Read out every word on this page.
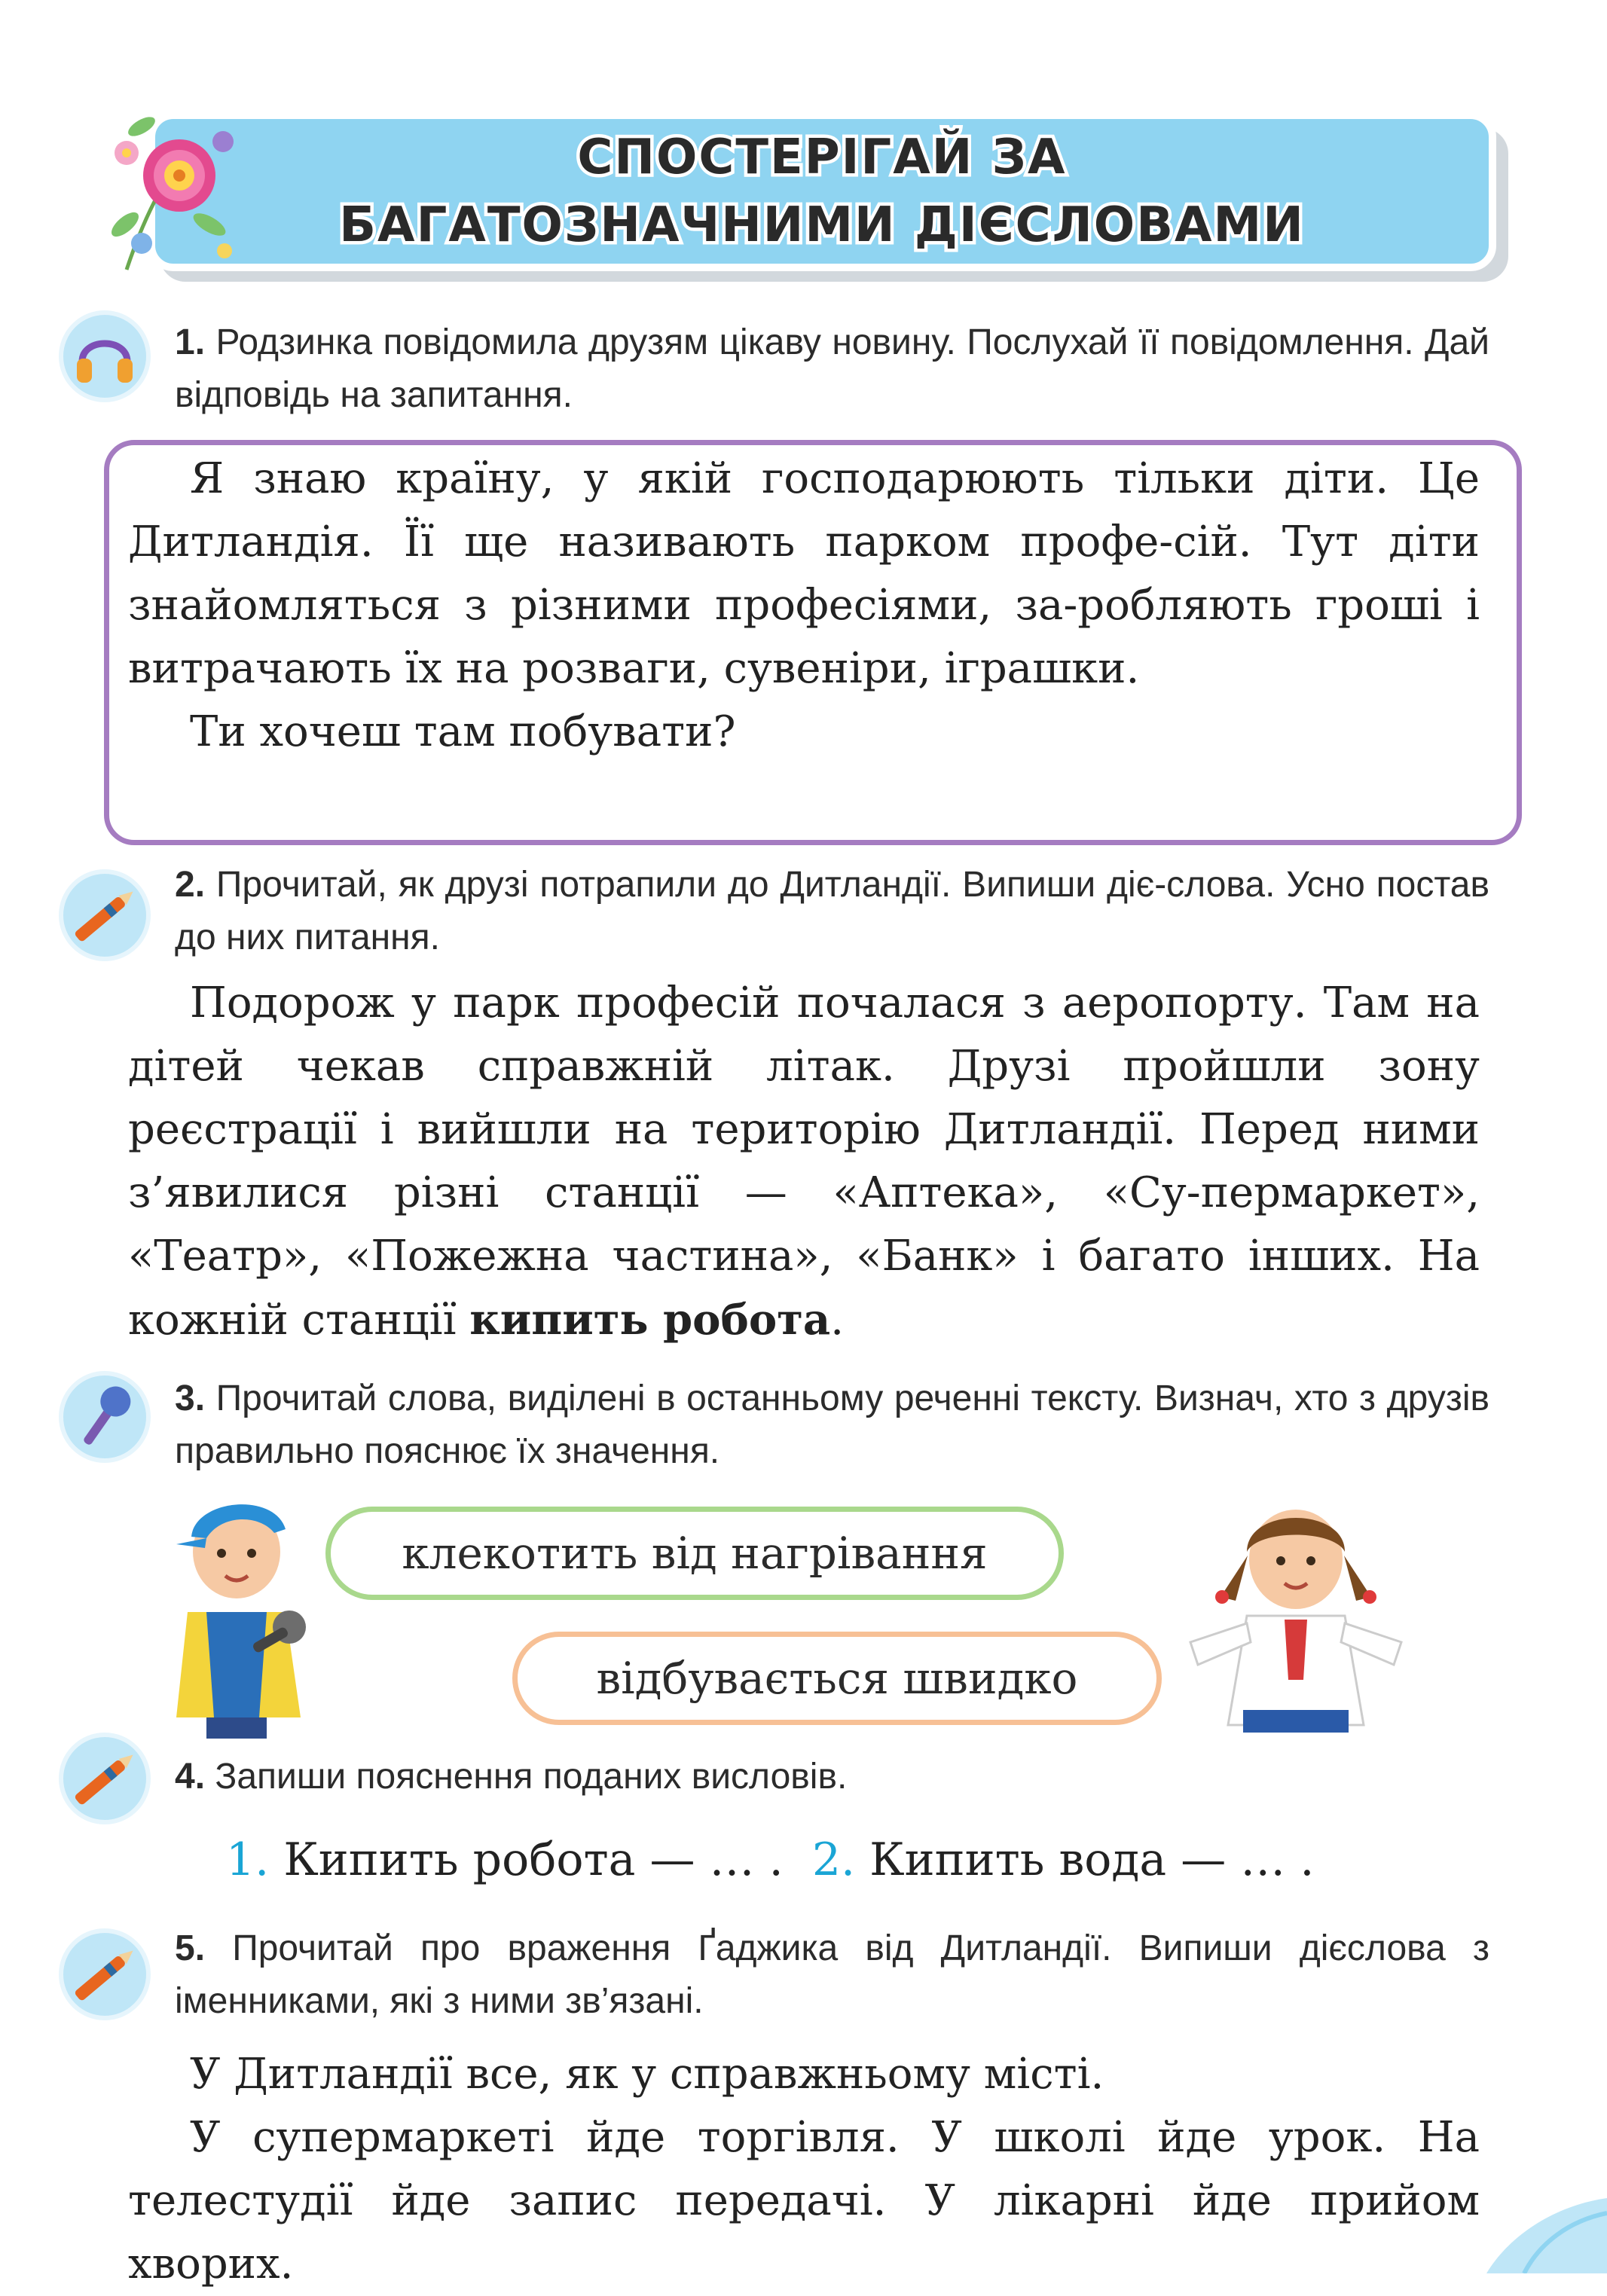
СПОСТЕРІГАЙ ЗА
БАГАТОЗНАЧНИМИ ДІЄСЛОВАМИ
1. Родзинка повідомила друзям цікаву новину. Послухай її повідомлення. Дай відповідь на запитання.

Я знаю країну, у якій господарюють тільки діти. Це Дитландія. Її ще називають парком профе-сій. Тут діти знайомляться з різними професіями, за-робляють гроші і витрачають їх на розваги, сувеніри, іграшки.

Ти хочеш там побувати?

2. Прочитай, як друзі потрапили до Дитландії. Випиши діє-слова. Усно постав до них питання.
Подорож у парк професій почалася з аеропорту. Там на дітей чекав справжній літак. Друзі пройшли зону реєстрації і вийшли на територію Дитландії. Перед ними з’явилися різні станції — «Аптека», «Су-пермаркет», «Театр», «Пожежна частина», «Банк» і багато інших. На кожній станції кипить робота.
3. Прочитай слова, виділені в останньому реченні тексту. Визнач, хто з друзів правильно пояснює їх значення.
клекотить від нагрівання
відбувається швидко
4. Запиши пояснення поданих висловів.
1. Кипить робота — … . 2. Кипить вода — … .
5. Прочитай про враження Ґаджика від Дитландії. Випиши дієслова з іменниками, які з ними зв’язані.

У Дитландії все, як у справжньому місті.

У супермаркеті йде торгівля. У школі йде урок. На телестудії йде запис передачі. У лікарні йде прийом хворих.
